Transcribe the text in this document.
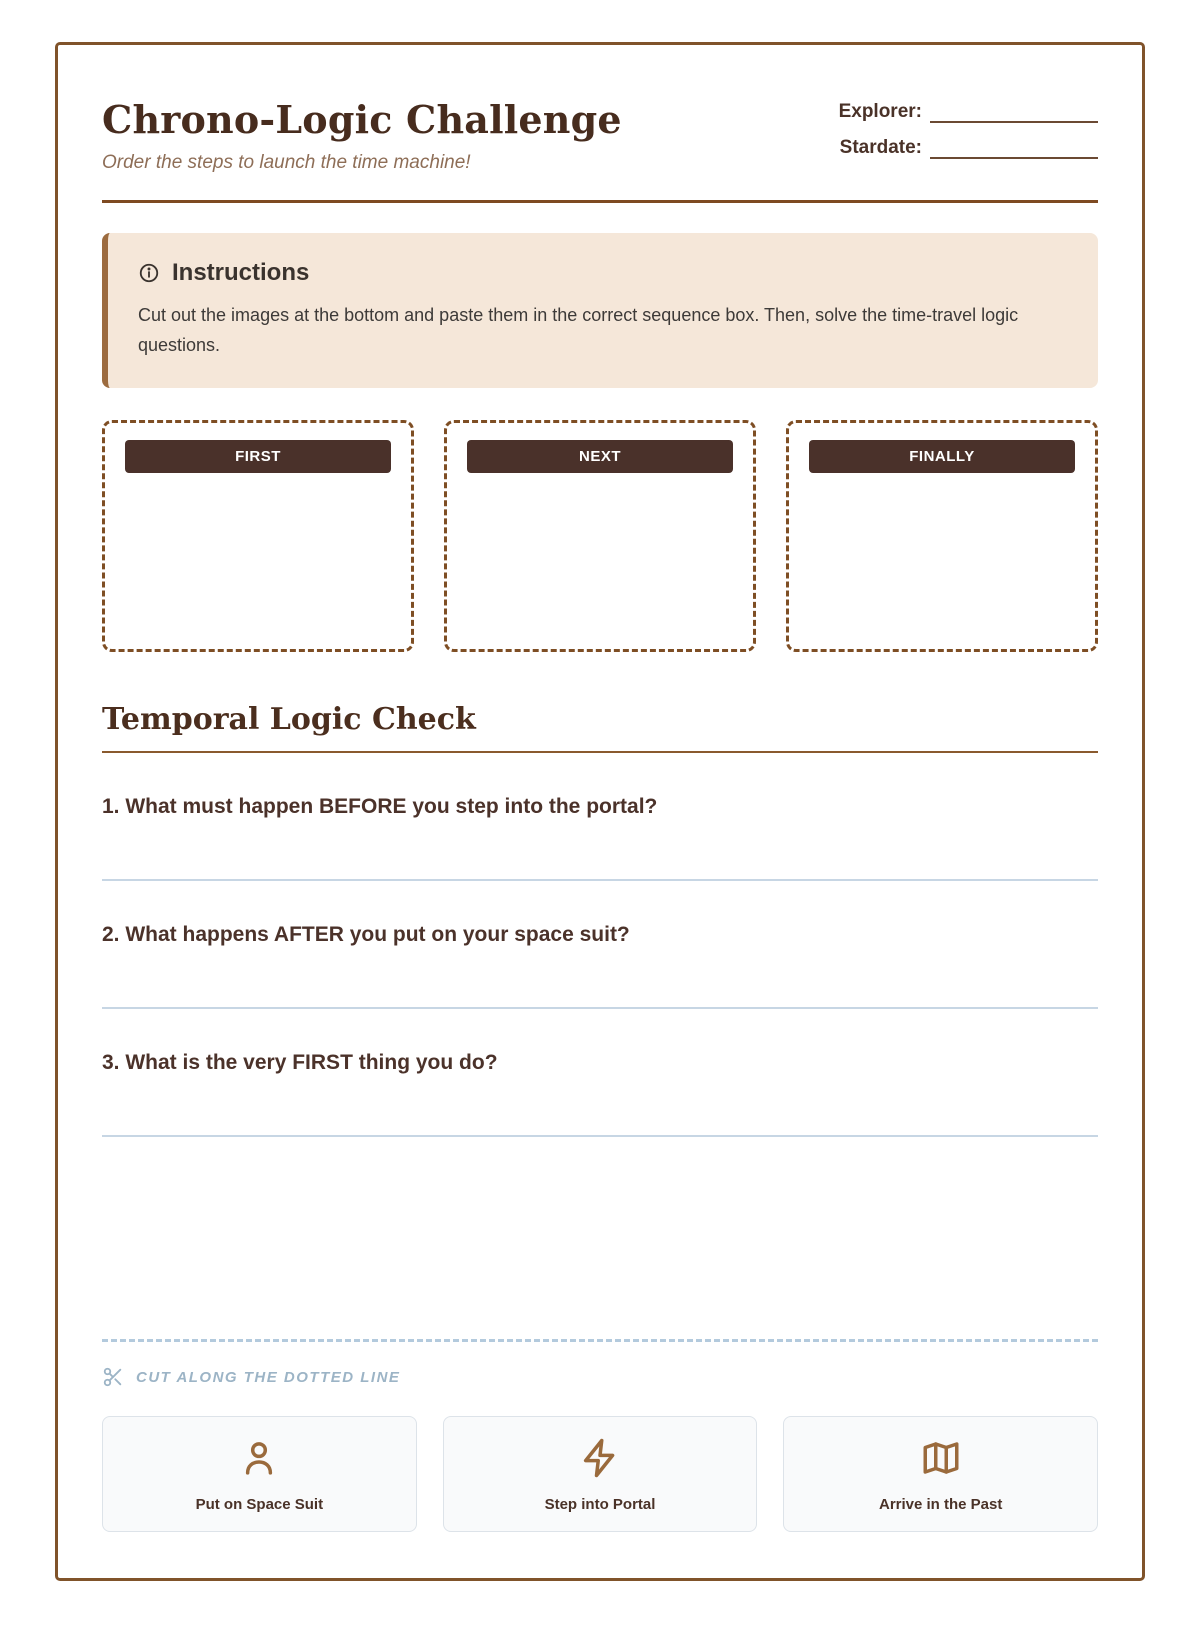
Chrono-Logic Challenge

Order the steps to launch the time machine!

Explorer:
Stardate:
Instructions

Cut out the images at the bottom and paste them in the correct sequence box. Then, solve the time-travel logic questions.

FIRST	NEXT	FINALLY
Temporal Logic Check

1. What must happen BEFORE you step into the portal?

2. What happens AFTER you put on your space suit?

3. What is the very FIRST thing you do?

CUT ALONG THE DOTTED LINE
Put on Space Suit	Step into Portal	Arrive in the Past
